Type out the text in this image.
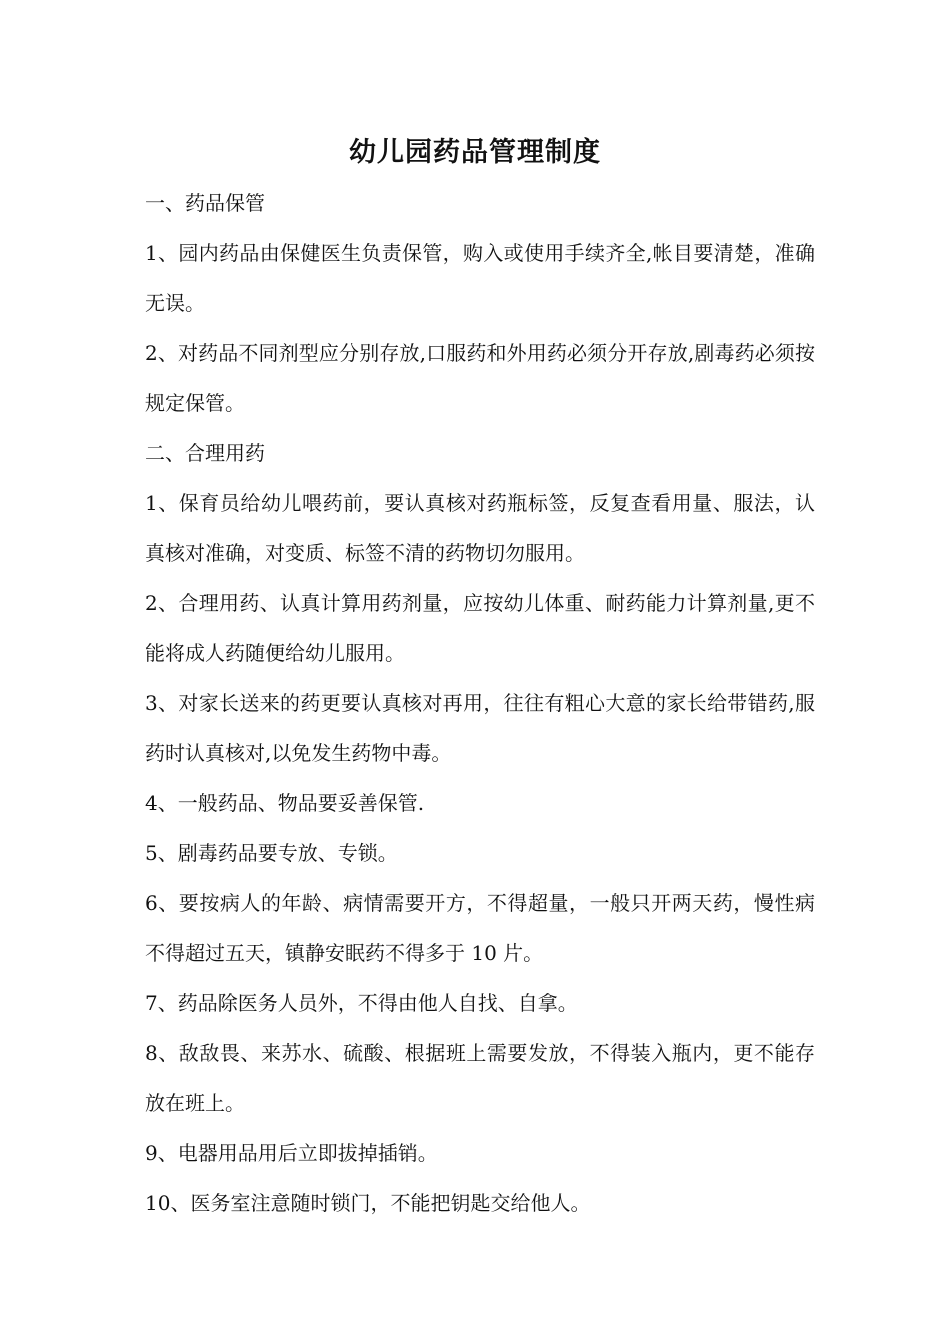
幼儿园药品管理制度

一、药品保管

1、园内药品由保健医生负责保管，购入或使用手续齐全,帐目要清楚，准确无误。

2、对药品不同剂型应分别存放,口服药和外用药必须分开存放,剧毒药必须按规定保管。

二、合理用药

1、保育员给幼儿喂药前，要认真核对药瓶标签，反复查看用量、服法，认真核对准确，对变质、标签不清的药物切勿服用。

2、合理用药、认真计算用药剂量，应按幼儿体重、耐药能力计算剂量,更不能将成人药随便给幼儿服用。

3、对家长送来的药更要认真核对再用，往往有粗心大意的家长给带错药,服药时认真核对,以免发生药物中毒。

4、一般药品、物品要妥善保管.

5、剧毒药品要专放、专锁。

6、要按病人的年龄、病情需要开方，不得超量，一般只开两天药，慢性病不得超过五天，镇静安眠药不得多于 10 片。

7、药品除医务人员外，不得由他人自找、自拿。

8、敌敌畏、来苏水、硫酸、根据班上需要发放，不得装入瓶内，更不能存放在班上。

9、电器用品用后立即拔掉插销。

10、医务室注意随时锁门，不能把钥匙交给他人。
